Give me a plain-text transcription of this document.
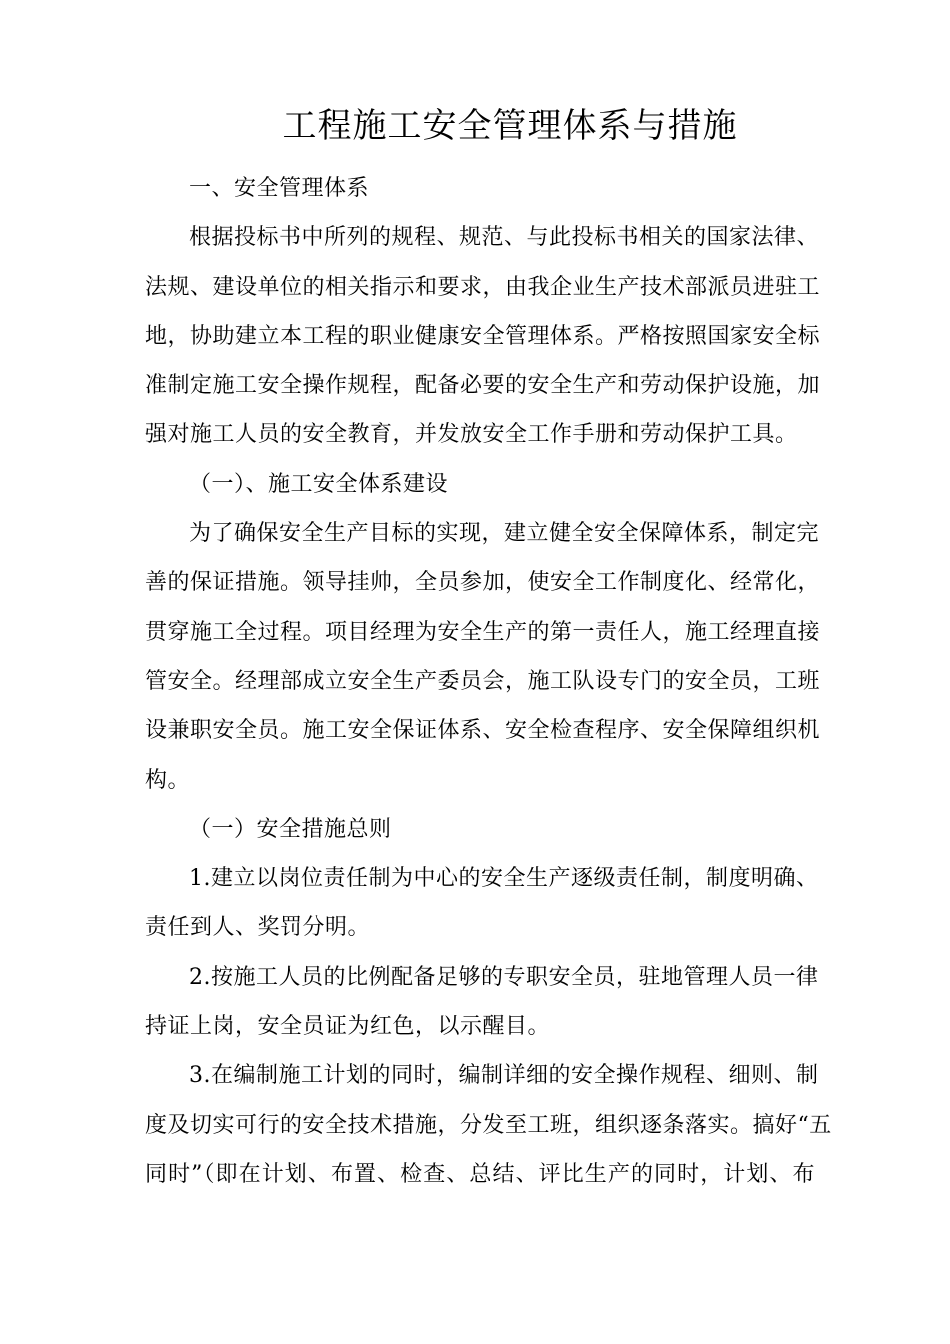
工程施工安全管理体系与措施
一、安全管理体系
根据投标书中所列的规程、规范、与此投标书相关的国家法律、
法规、建设单位的相关指示和要求，由我企业生产技术部派员进驻工
地，协助建立本工程的职业健康安全管理体系。严格按照国家安全标
准制定施工安全操作规程，配备必要的安全生产和劳动保护设施，加
强对施工人员的安全教育，并发放安全工作手册和劳动保护工具。
（一）、施工安全体系建设
为了确保安全生产目标的实现，建立健全安全保障体系，制定完
善的保证措施。领导挂帅，全员参加，使安全工作制度化、经常化，
贯穿施工全过程。项目经理为安全生产的第一责任人，施工经理直接
管安全。经理部成立安全生产委员会，施工队设专门的安全员，工班
设兼职安全员。施工安全保证体系、安全检查程序、安全保障组织机
构。
（一）安全措施总则
1.建立以岗位责任制为中心的安全生产逐级责任制，制度明确、
责任到人、奖罚分明。
2.按施工人员的比例配备足够的专职安全员，驻地管理人员一律
持证上岗，安全员证为红色，以示醒目。
3.在编制施工计划的同时，编制详细的安全操作规程、细则、制
度及切实可行的安全技术措施，分发至工班，组织逐条落实。搞好“五
同时”（即在计划、布置、检查、总结、评比生产的同时，计划、布
